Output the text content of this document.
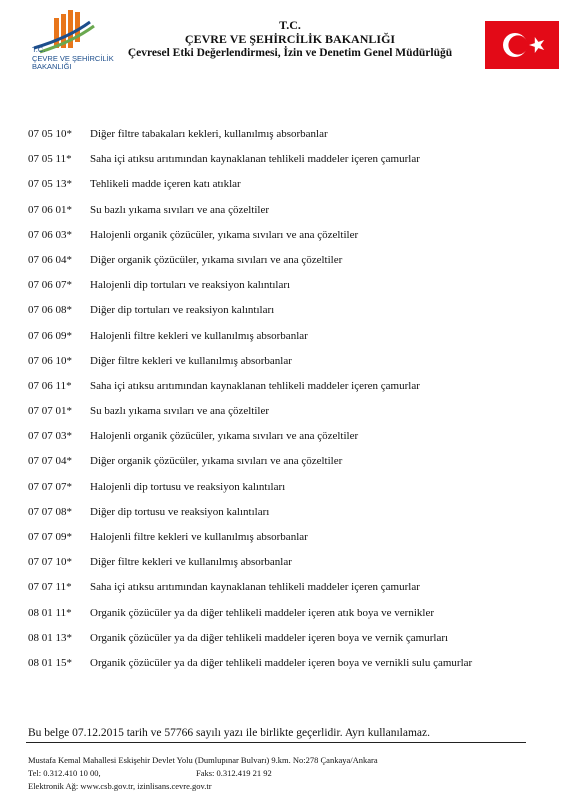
T.C.
ÇEVRE VE ŞEHİRCİLİK
BAKANLIĞI
T.C.
ÇEVRE VE ŞEHİRCİLİK BAKANLIĞI
Çevresel Etki Değerlendirmesi, İzin ve Denetim Genel Müdürlüğü
07 05 10*	Diğer filtre tabakaları kekleri, kullanılmış absorbanlar
07 05 11*	Saha içi atıksu arıtımından kaynaklanan tehlikeli maddeler içeren çamurlar
07 05 13*	Tehlikeli madde içeren katı atıklar
07 06 01*	Su bazlı yıkama sıvıları ve ana çözeltiler
07 06 03*	Halojenli organik çözücüler, yıkama sıvıları ve ana çözeltiler
07 06 04*	Diğer organik çözücüler, yıkama sıvıları ve ana çözeltiler
07 06 07*	Halojenli dip tortuları ve reaksiyon kalıntıları
07 06 08*	Diğer dip tortuları ve reaksiyon kalıntıları
07 06 09*	Halojenli filtre kekleri ve kullanılmış absorbanlar
07 06 10*	Diğer filtre kekleri ve kullanılmış absorbanlar
07 06 11*	Saha içi atıksu arıtımından kaynaklanan tehlikeli maddeler içeren çamurlar
07 07 01*	Su bazlı yıkama sıvıları ve ana çözeltiler
07 07 03*	Halojenli organik çözücüler, yıkama sıvıları ve ana çözeltiler
07 07 04*	Diğer organik çözücüler, yıkama sıvıları ve ana çözeltiler
07 07 07*	Halojenli dip tortusu ve reaksiyon kalıntıları
07 07 08*	Diğer dip tortusu ve reaksiyon kalıntıları
07 07 09*	Halojenli filtre kekleri ve kullanılmış absorbanlar
07 07 10*	Diğer filtre kekleri ve kullanılmış absorbanlar
07 07 11*	Saha içi atıksu arıtımından kaynaklanan tehlikeli maddeler içeren çamurlar
08 01 11*	Organik çözücüler ya da diğer tehlikeli maddeler içeren atık boya ve vernikler
08 01 13*	Organik çözücüler ya da diğer tehlikeli maddeler içeren boya ve vernik çamurları
08 01 15*	Organik çözücüler ya da diğer tehlikeli maddeler içeren boya ve vernikli sulu çamurlar
Bu belge 07.12.2015 tarih ve 57766 sayılı yazı ile birlikte geçerlidir. Ayrı kullanılamaz.
Mustafa Kemal Mahallesi Eskişehir Devlet Yolu (Dumlupınar Bulvarı) 9.km. No:278 Çankaya/Ankara
Tel: 0.312.410 10 00,	Faks: 0.312.419 21 92
Elektronik Ağ: www.csb.gov.tr, izinlisans.cevre.gov.tr
